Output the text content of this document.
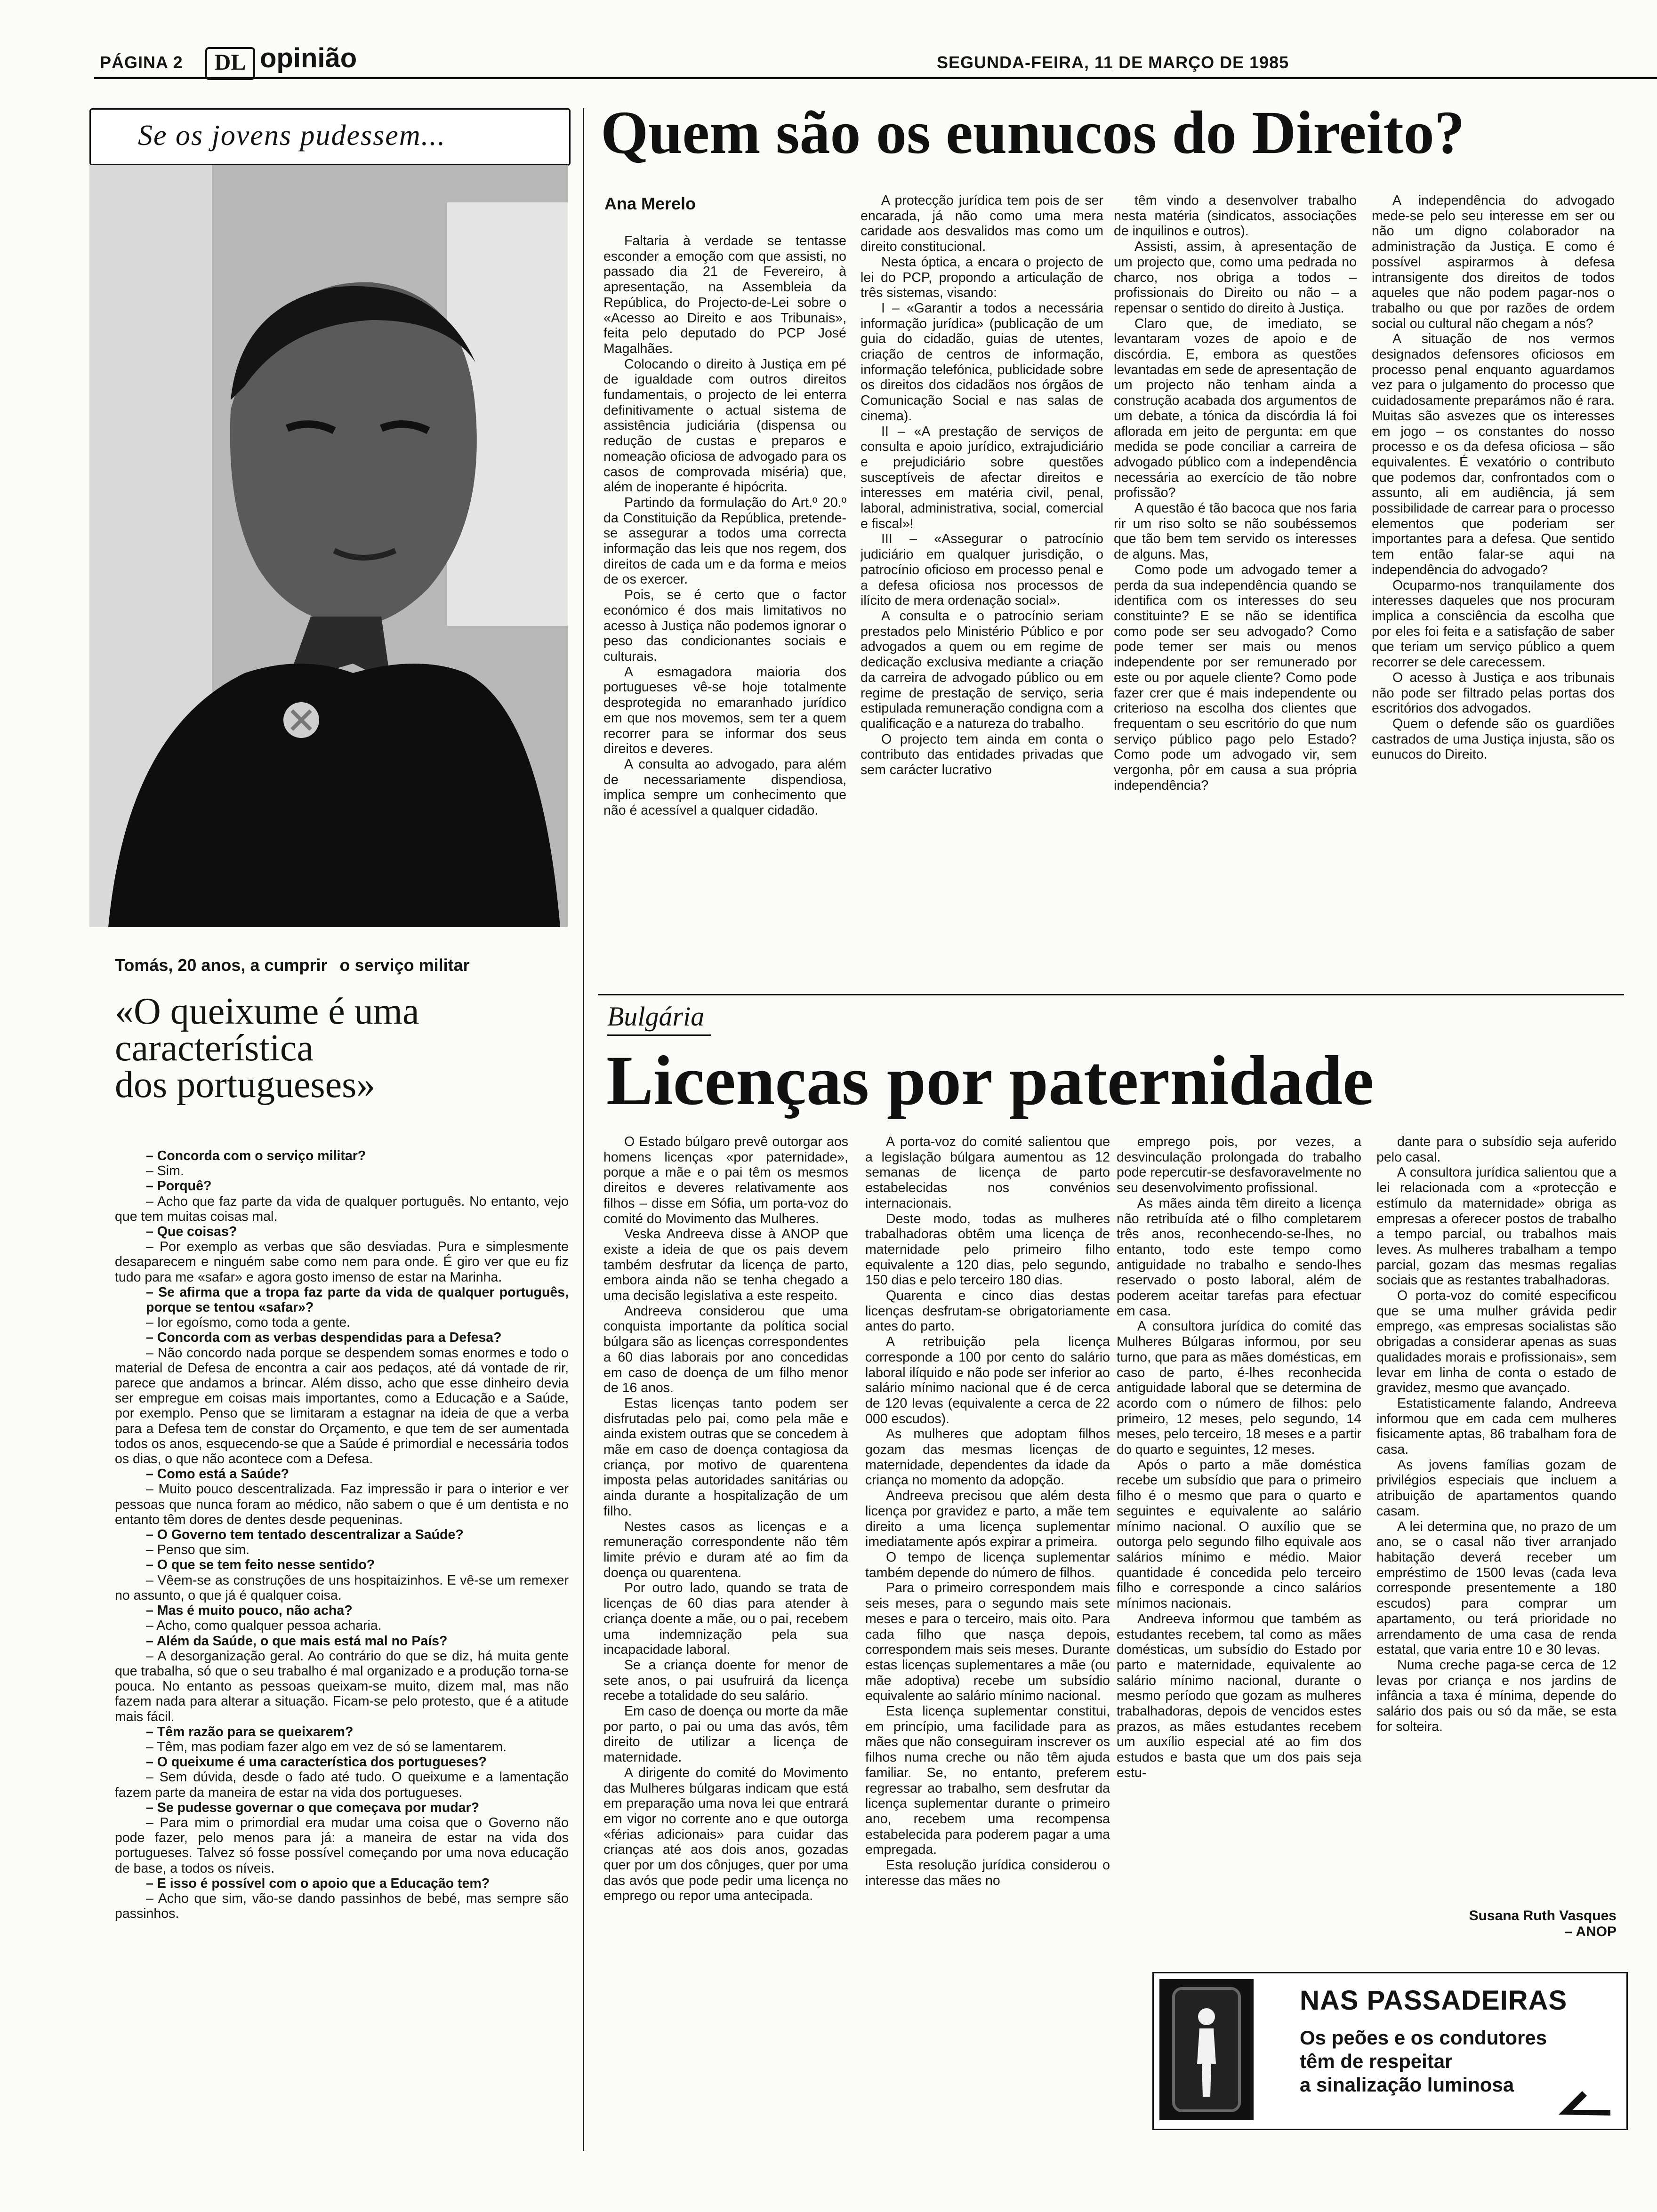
PÁGINA 2	DL opinião	SEGUNDA-FEIRA, 11 DE MARÇO DE 1985
Se os jovens pudessem...
Tomás, 20 anos, a cumprir o serviço militar
«O queixume é uma
característica
dos portugueses»

– Concorda com o serviço militar?

– Sim.

– Porquê?

– Acho que faz parte da vida de qualquer português. No entanto, vejo que tem muitas coisas mal.

– Que coisas?

– Por exemplo as verbas que são desviadas. Pura e simplesmente desaparecem e ninguém sabe como nem para onde. É giro ver que eu fiz tudo para me «safar» e agora gosto imenso de estar na Marinha.

– Se afirma que a tropa faz parte da vida de qualquer português, porque se tentou «safar»?

– Ior egoísmo, como toda a gente.

– Concorda com as verbas despendidas para a Defesa?

– Não concordo nada porque se despendem somas enormes e todo o material de Defesa de encontra a cair aos pedaços, até dá vontade de rir, parece que andamos a brincar. Além disso, acho que esse dinheiro devia ser empregue em coisas mais importantes, como a Educação e a Saúde, por exemplo. Penso que se limitaram a estagnar na ideia de que a verba para a Defesa tem de constar do Orçamento, e que tem de ser aumentada todos os anos, esquecendo-se que a Saúde é primordial e necessária todos os dias, o que não acontece com a Defesa.

– Como está a Saúde?

– Muito pouco descentralizada. Faz impressão ir para o interior e ver pessoas que nunca foram ao médico, não sabem o que é um dentista e no entanto têm dores de dentes desde pequeninas.

– O Governo tem tentado descentralizar a Saúde?

– Penso que sim.

– O que se tem feito nesse sentido?

– Vêem-se as construções de uns hospitaizinhos. E vê-se um remexer no assunto, o que já é qualquer coisa.

– Mas é muito pouco, não acha?

– Acho, como qualquer pessoa acharia.

– Além da Saúde, o que mais está mal no País?

– A desorganização geral. Ao contrário do que se diz, há muita gente que trabalha, só que o seu trabalho é mal organizado e a produção torna-se pouca. No entanto as pessoas queixam-se muito, dizem mal, mas não fazem nada para alterar a situação. Ficam-se pelo protesto, que é a atitude mais fácil.

– Têm razão para se queixarem?

– Têm, mas podiam fazer algo em vez de só se lamentarem.

– O queixume é uma característica dos portugueses?

– Sem dúvida, desde o fado até tudo. O queixume e a lamentação fazem parte da maneira de estar na vida dos portugueses.

– Se pudesse governar o que começava por mudar?

– Para mim o primordial era mudar uma coisa que o Governo não pode fazer, pelo menos para já: a maneira de estar na vida dos portugueses. Talvez só fosse possível começando por uma nova educação de base, a todos os níveis.

– E isso é possível com o apoio que a Educação tem?

– Acho que sim, vão-se dando passinhos de bebé, mas sempre são passinhos.

Quem são os eunucos do Direito?
Ana Merelo

Faltaria à verdade se tentasse esconder a emoção com que assisti, no passado dia 21 de Fevereiro, à apresentação, na Assembleia da República, do Projecto-de-Lei sobre o «Acesso ao Direito e aos Tribunais», feita pelo deputado do PCP José Magalhães.

Colocando o direito à Justiça em pé de igualdade com outros direitos fundamentais, o projecto de lei enterra definitivamente o actual sistema de assistência judiciária (dispensa ou redução de custas e preparos e nomeação oficiosa de advogado para os casos de comprovada miséria) que, além de inoperante é hipócrita.

Partindo da formulação do Art.º 20.º da Constituição da República, pretende-se assegurar a todos uma correcta informação das leis que nos regem, dos direitos de cada um e da forma e meios de os exercer.

Pois, se é certo que o factor económico é dos mais limitativos no acesso à Justiça não podemos ignorar o peso das condicionantes sociais e culturais.

A esmagadora maioria dos portugueses vê-se hoje totalmente desprotegida no emaranhado jurídico em que nos movemos, sem ter a quem recorrer para se informar dos seus direitos e deveres.

A consulta ao advogado, para além de necessariamente dispendiosa, implica sempre um conhecimento que não é acessível a qualquer cidadão.

A protecção jurídica tem pois de ser encarada, já não como uma mera caridade aos desvalidos mas como um direito constitucional.

Nesta óptica, a encara o projecto de lei do PCP, propondo a articulação de três sistemas, visando:

I – «Garantir a todos a necessária informação jurídica» (publicação de um guia do cidadão, guias de utentes, criação de centros de informação, informação telefónica, publicidade sobre os direitos dos cidadãos nos órgãos de Comunicação Social e nas salas de cinema).

II – «A prestação de serviços de consulta e apoio jurídico, extrajudiciário e prejudiciário sobre questões susceptíveis de afectar direitos e interesses em matéria civil, penal, laboral, administrativa, social, comercial e fiscal»!

III – «Assegurar o patrocínio judiciário em qualquer jurisdição, o patrocínio oficioso em processo penal e a defesa oficiosa nos processos de ilícito de mera ordenação social».

A consulta e o patrocínio seriam prestados pelo Ministério Público e por advogados a quem ou em regime de dedicação exclusiva mediante a criação da carreira de advogado público ou em regime de prestação de serviço, seria estipulada remuneração condigna com a qualificação e a natureza do trabalho.

O projecto tem ainda em conta o contributo das entidades privadas que sem carácter lucrativo

têm vindo a desenvolver trabalho nesta matéria (sindicatos, associações de inquilinos e outros).

Assisti, assim, à apresentação de um projecto que, como uma pedrada no charco, nos obriga a todos – profissionais do Direito ou não – a repensar o sentido do direito à Justiça.

Claro que, de imediato, se levantaram vozes de apoio e de discórdia. E, embora as questões levantadas em sede de apresentação de um projecto não tenham ainda a construção acabada dos argumentos de um debate, a tónica da discórdia lá foi aflorada em jeito de pergunta: em que medida se pode conciliar a carreira de advogado público com a independência necessária ao exercício de tão nobre profissão?

A questão é tão bacoca que nos faria rir um riso solto se não soubéssemos que tão bem tem servido os interesses de alguns. Mas,

Como pode um advogado temer a perda da sua independência quando se identifica com os interesses do seu constituinte? E se não se identifica como pode ser seu advogado? Como pode temer ser mais ou menos independente por ser remunerado por este ou por aquele cliente? Como pode fazer crer que é mais independente ou criterioso na escolha dos clientes que frequentam o seu escritório do que num serviço público pago pelo Estado? Como pode um advogado vir, sem vergonha, pôr em causa a sua própria independência?

A independência do advogado mede-se pelo seu interesse em ser ou não um digno colaborador na administração da Justiça. E como é possível aspirarmos à defesa intransigente dos direitos de todos aqueles que não podem pagar-nos o trabalho ou que por razões de ordem social ou cultural não chegam a nós?

A situação de nos vermos designados defensores oficiosos em processo penal enquanto aguardamos vez para o julgamento do processo que cuidadosamente preparámos não é rara. Muitas são asvezes que os interesses em jogo – os constantes do nosso processo e os da defesa oficiosa – são equivalentes. É vexatório o contributo que podemos dar, confrontados com o assunto, ali em audiência, já sem possibilidade de carrear para o processo elementos que poderiam ser importantes para a defesa. Que sentido tem então falar-se aqui na independência do advogado?

Ocuparmo-nos tranquilamente dos interesses daqueles que nos procuram implica a consciência da escolha que por eles foi feita e a satisfação de saber que teriam um serviço público a quem recorrer se dele carecessem.

O acesso à Justiça e aos tribunais não pode ser filtrado pelas portas dos escritórios dos advogados.

Quem o defende são os guardiões castrados de uma Justiça injusta, são os eunucos do Direito.

Bulgária
Licenças por paternidade

O Estado búlgaro prevê outorgar aos homens licenças «por paternidade», porque a mãe e o pai têm os mesmos direitos e deveres relativamente aos filhos – disse em Sófia, um porta-voz do comité do Movimento das Mulheres.

Veska Andreeva disse à ANOP que existe a ideia de que os pais devem também desfrutar da licença de parto, embora ainda não se tenha chegado a uma decisão legislativa a este respeito.

Andreeva considerou que uma conquista importante da política social búlgara são as licenças correspondentes a 60 dias laborais por ano concedidas em caso de doença de um filho menor de 16 anos.

Estas licenças tanto podem ser disfrutadas pelo pai, como pela mãe e ainda existem outras que se concedem à mãe em caso de doença contagiosa da criança, por motivo de quarentena imposta pelas autoridades sanitárias ou ainda durante a hospitalização de um filho.

Nestes casos as licenças e a remuneração correspondente não têm limite prévio e duram até ao fim da doença ou quarentena.

Por outro lado, quando se trata de licenças de 60 dias para atender à criança doente a mãe, ou o pai, recebem uma indemnização pela sua incapacidade laboral.

Se a criança doente for menor de sete anos, o pai usufruirá da licença recebe a totalidade do seu salário.

Em caso de doença ou morte da mãe por parto, o pai ou uma das avós, têm direito de utilizar a licença de maternidade.

A dirigente do comité do Movimento das Mulheres búlgaras indicam que está em preparação uma nova lei que entrará em vigor no corrente ano e que outorga «férias adicionais» para cuidar das crianças até aos dois anos, gozadas quer por um dos cônjuges, quer por uma das avós que pode pedir uma licença no emprego ou repor uma antecipada.

A porta-voz do comité salientou que a legislação búlgara aumentou as 12 semanas de licença de parto estabelecidas nos convénios internacionais.

Deste modo, todas as mulheres trabalhadoras obtêm uma licença de maternidade pelo primeiro filho equivalente a 120 dias, pelo segundo, 150 dias e pelo terceiro 180 dias.

Quarenta e cinco dias destas licenças desfrutam-se obrigatoriamente antes do parto.

A retribuição pela licença corresponde a 100 por cento do salário laboral ilíquido e não pode ser inferior ao salário mínimo nacional que é de cerca de 120 levas (equivalente a cerca de 22 000 escudos).

As mulheres que adoptam filhos gozam das mesmas licenças de maternidade, dependentes da idade da criança no momento da adopção.

Andreeva precisou que além desta licença por gravidez e parto, a mãe tem direito a uma licença suplementar imediatamente após expirar a primeira.

O tempo de licença suplementar também depende do número de filhos.

Para o primeiro correspondem mais seis meses, para o segundo mais sete meses e para o terceiro, mais oito. Para cada filho que nasça depois, correspondem mais seis meses. Durante estas licenças suplementares a mãe (ou mãe adoptiva) recebe um subsídio equivalente ao salário mínimo nacional.

Esta licença suplementar constitui, em princípio, uma facilidade para as mães que não conseguiram inscrever os filhos numa creche ou não têm ajuda familiar. Se, no entanto, preferem regressar ao trabalho, sem desfrutar da licença suplementar durante o primeiro ano, recebem uma recompensa estabelecida para poderem pagar a uma empregada.

Esta resolução jurídica considerou o interesse das mães no

emprego pois, por vezes, a desvinculação prolongada do trabalho pode repercutir-se desfavoravelmente no seu desenvolvimento profissional.

As mães ainda têm direito a licença não retribuída até o filho completarem três anos, reconhecendo-se-lhes, no entanto, todo este tempo como antiguidade no trabalho e sendo-lhes reservado o posto laboral, além de poderem aceitar tarefas para efectuar em casa.

A consultora jurídica do comité das Mulheres Búlgaras informou, por seu turno, que para as mães domésticas, em caso de parto, é-lhes reconhecida antiguidade laboral que se determina de acordo com o número de filhos: pelo primeiro, 12 meses, pelo segundo, 14 meses, pelo terceiro, 18 meses e a partir do quarto e seguintes, 12 meses.

Após o parto a mãe doméstica recebe um subsídio que para o primeiro filho é o mesmo que para o quarto e seguintes e equivalente ao salário mínimo nacional. O auxílio que se outorga pelo segundo filho equivale aos salários mínimo e médio. Maior quantidade é concedida pelo terceiro filho e corresponde a cinco salários mínimos nacionais.

Andreeva informou que também as estudantes recebem, tal como as mães domésticas, um subsídio do Estado por parto e maternidade, equivalente ao salário mínimo nacional, durante o mesmo período que gozam as mulheres trabalhadoras, depois de vencidos estes prazos, as mães estudantes recebem um auxílio especial até ao fim dos estudos e basta que um dos pais seja estu-

dante para o subsídio seja auferido pelo casal.

A consultora jurídica salientou que a lei relacionada com a «protecção e estímulo da maternidade» obriga as empresas a oferecer postos de trabalho a tempo parcial, ou trabalhos mais leves. As mulheres trabalham a tempo parcial, gozam das mesmas regalias sociais que as restantes trabalhadoras.

O porta-voz do comité especificou que se uma mulher grávida pedir emprego, «as empresas socialistas são obrigadas a considerar apenas as suas qualidades morais e profissionais», sem levar em linha de conta o estado de gravidez, mesmo que avançado.

Estatisticamente falando, Andreeva informou que em cada cem mulheres fisicamente aptas, 86 trabalham fora de casa.

As jovens famílias gozam de privilégios especiais que incluem a atribuição de apartamentos quando casam.

A lei determina que, no prazo de um ano, se o casal não tiver arranjado habitação deverá receber um empréstimo de 1500 levas (cada leva corresponde presentemente a 180 escudos) para comprar um apartamento, ou terá prioridade no arrendamento de uma casa de renda estatal, que varia entre 10 e 30 levas.

Numa creche paga-se cerca de 12 levas por criança e nos jardins de infância a taxa é mínima, depende do salário dos pais ou só da mãe, se esta for solteira.

Susana Ruth Vasques
– ANOP
NAS PASSADEIRAS
Os peões e os condutores
têm de respeitar
a sinalização luminosa
